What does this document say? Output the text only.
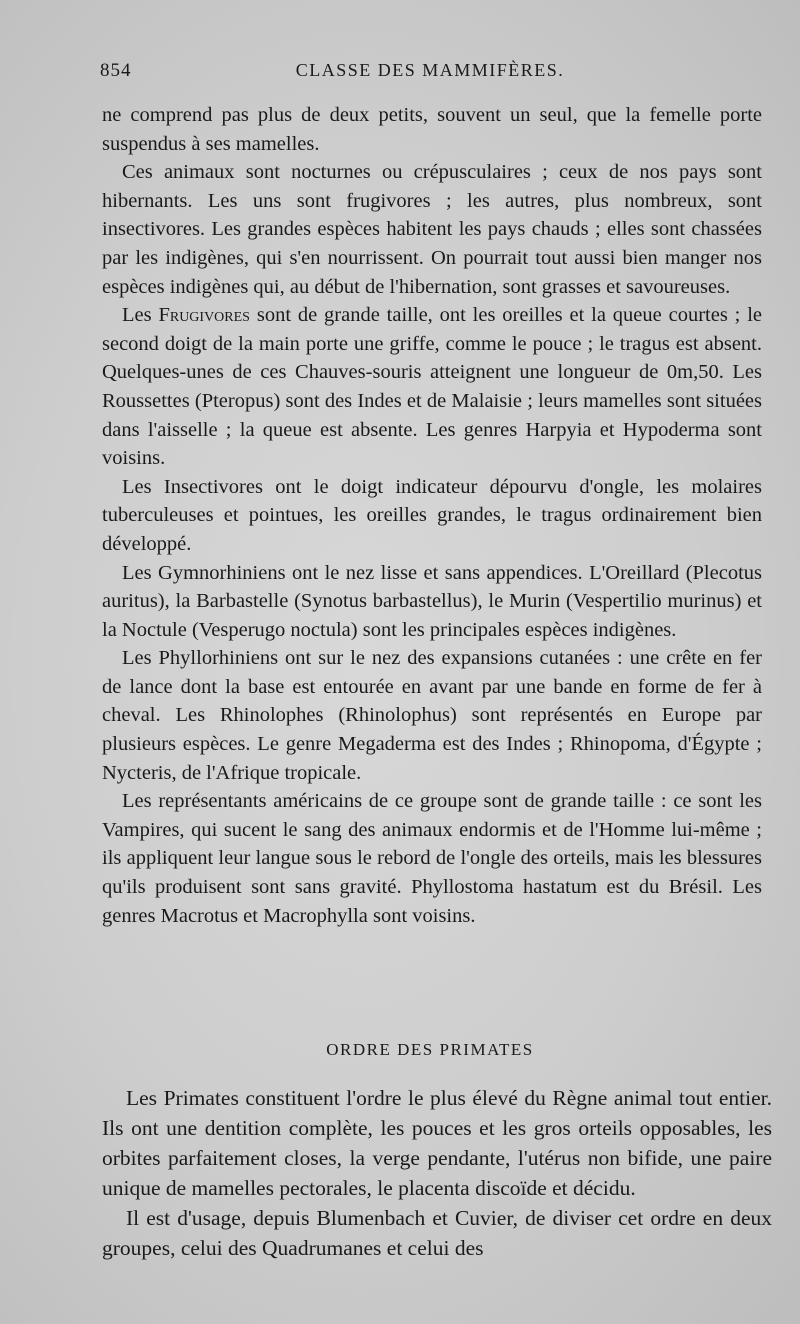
854	CLASSE DES MAMMIFÈRES.

ne comprend pas plus de deux petits, souvent un seul, que la femelle porte suspendus à ses mamelles.

Ces animaux sont nocturnes ou crépusculaires ; ceux de nos pays sont hibernants. Les uns sont frugivores ; les autres, plus nombreux, sont insectivores. Les grandes espèces habitent les pays chauds ; elles sont chassées par les indigènes, qui s'en nourrissent. On pourrait tout aussi bien manger nos espèces indigènes qui, au début de l'hibernation, sont grasses et savoureuses.

Les Frugivores sont de grande taille, ont les oreilles et la queue courtes ; le second doigt de la main porte une griffe, comme le pouce ; le tragus est absent. Quelques-unes de ces Chauves-souris atteignent une longueur de 0m,50. Les Roussettes (Pteropus) sont des Indes et de Malaisie ; leurs mamelles sont situées dans l'aisselle ; la queue est absente. Les genres Harpyia et Hypoderma sont voisins.

Les Insectivores ont le doigt indicateur dépourvu d'ongle, les molaires tuberculeuses et pointues, les oreilles grandes, le tragus ordinairement bien développé.

Les Gymnorhiniens ont le nez lisse et sans appendices. L'Oreillard (Plecotus auritus), la Barbastelle (Synotus barbastellus), le Murin (Vespertilio murinus) et la Noctule (Vesperugo noctula) sont les principales espèces indigènes.

Les Phyllorhiniens ont sur le nez des expansions cutanées : une crête en fer de lance dont la base est entourée en avant par une bande en forme de fer à cheval. Les Rhinolophes (Rhinolophus) sont représentés en Europe par plusieurs espèces. Le genre Megaderma est des Indes ; Rhinopoma, d'Égypte ; Nycteris, de l'Afrique tropicale.

Les représentants américains de ce groupe sont de grande taille : ce sont les Vampires, qui sucent le sang des animaux endormis et de l'Homme lui-même ; ils appliquent leur langue sous le rebord de l'ongle des orteils, mais les blessures qu'ils produisent sont sans gravité. Phyllostoma hastatum est du Brésil. Les genres Macrotus et Macrophylla sont voisins.

ORDRE DES PRIMATES

Les Primates constituent l'ordre le plus élevé du Règne animal tout entier. Ils ont une dentition complète, les pouces et les gros orteils opposables, les orbites parfaitement closes, la verge pendante, l'utérus non bifide, une paire unique de mamelles pectorales, le placenta discoïde et décidu.

Il est d'usage, depuis Blumenbach et Cuvier, de diviser cet ordre en deux groupes, celui des Quadrumanes et celui des
